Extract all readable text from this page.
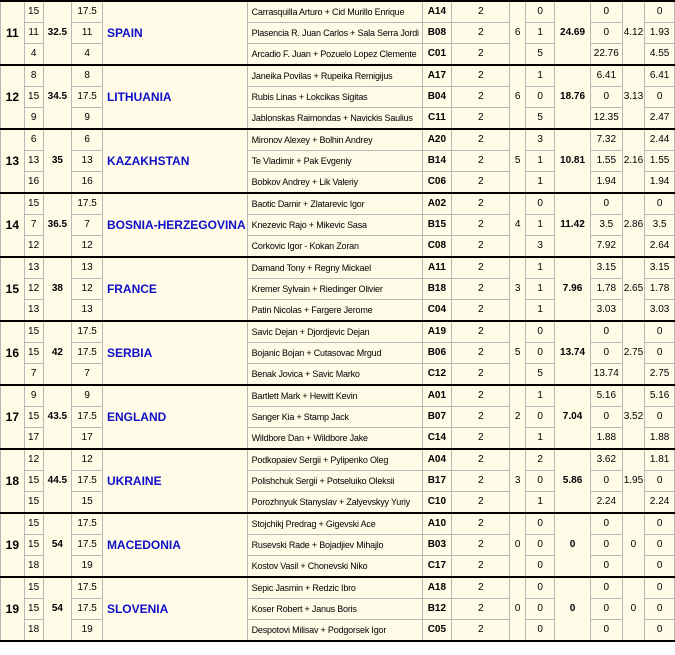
11	15	32.5	17.5	SPAIN	Carrasquilla Arturo + Cid Murillo Enrique	A14	2	6	0	24.69	0	4.12	0
	11		11		Plasencia R. Juan Carlos + Sala Serra Jordi	B08	2		1		0		1.93
	4		4		Arcadio F. Juan + Pozuelo Lopez Clemente	C01	2		5		22.76		4.55
12	8	34.5	8	LITHUANIA	Janeika Povilas + Rupeika Remigijus	A17	2	6	1	18.76	6.41	3.13	6.41
	15		17.5		Rubis Linas + Lokcikas Sigitas	B04	2		0		0		0
	9		9		Jablonskas Raimondas + Navickis Saulius	C11	2		5		12.35		2.47
13	6	35	6	KAZAKHSTAN	Mironov Alexey + Bolhin Andrey	A20	2	5	3	10.81	7.32	2.16	2.44
	13		13		Te Vladimir + Pak Evgeniy	B14	2		1		1.55		1.55
	16		16		Bobkov Andrey + Lik Valeriy	C06	2		1		1.94		1.94
14	15	36.5	17.5	BOSNIA-HERZEGOVINA	Baotic Damir + Zlatarevic Igor	A02	2	4	0	11.42	0	2.86	0
	7		7		Knezevic Rajo + Mikevic Sasa	B15	2		1		3.5		3.5
	12		12		Corkovic Igor - Kokan Zoran	C08	2		3		7.92		2.64
15	13	38	13	FRANCE	Damand Tony + Regny Mickael	A11	2	3	1	7.96	3.15	2.65	3.15
	12		12		Kremer Sylvain + Riedinger Olivier	B18	2		1		1.78		1.78
	13		13		Patin Nicolas + Fargere Jerome	C04	2		1		3.03		3.03
16	15	42	17.5	SERBIA	Savic Dejan + Djordjevic Dejan	A19	2	5	0	13.74	0	2.75	0
	15		17.5		Bojanic Bojan + Cutasovac Mrgud	B06	2		0		0		0
	7		7		Benak Jovica + Savic Marko	C12	2		5		13.74		2.75
17	9	43.5	9	ENGLAND	Bartlett Mark + Hewitt Kevin	A01	2	2	1	7.04	5.16	3.52	5.16
	15		17.5		Sanger Kia + Stamp Jack	B07	2		0		0		0
	17		17		Wildbore Dan + Wildbore Jake	C14	2		1		1.88		1.88
18	12	44.5	12	UKRAINE	Podkopaiev Sergii + Pylipenko Oleg	A04	2	3	2	5.86	3.62	1.95	1.81
	15		17.5		Polishchuk Sergii + Potseluiko Oleksii	B17	2		0		0		0
	15		15		Porozhnyuk Stanyslav + Zalyevskyy Yuriy	C10	2		1		2.24		2.24
19	15	54	17.5	MACEDONIA	Stojchikj Predrag + Gigevski Ace	A10	2	0	0	0	0	0	0
	15		17.5		Rusevski Rade + Bojadjiev Mihajlo	B03	2		0		0		0
	18		19		Kostov Vasil + Chonevski Niko	C17	2		0		0		0
19	15	54	17.5	SLOVENIA	Sepic Jasmin + Redzic Ibro	A18	2	0	0	0	0	0	0
	15		17.5		Koser Robert + Janus Boris	B12	2		0		0		0
	18		19		Despotovi Milisav + Podgorsek Igor	C05	2		0		0		0
